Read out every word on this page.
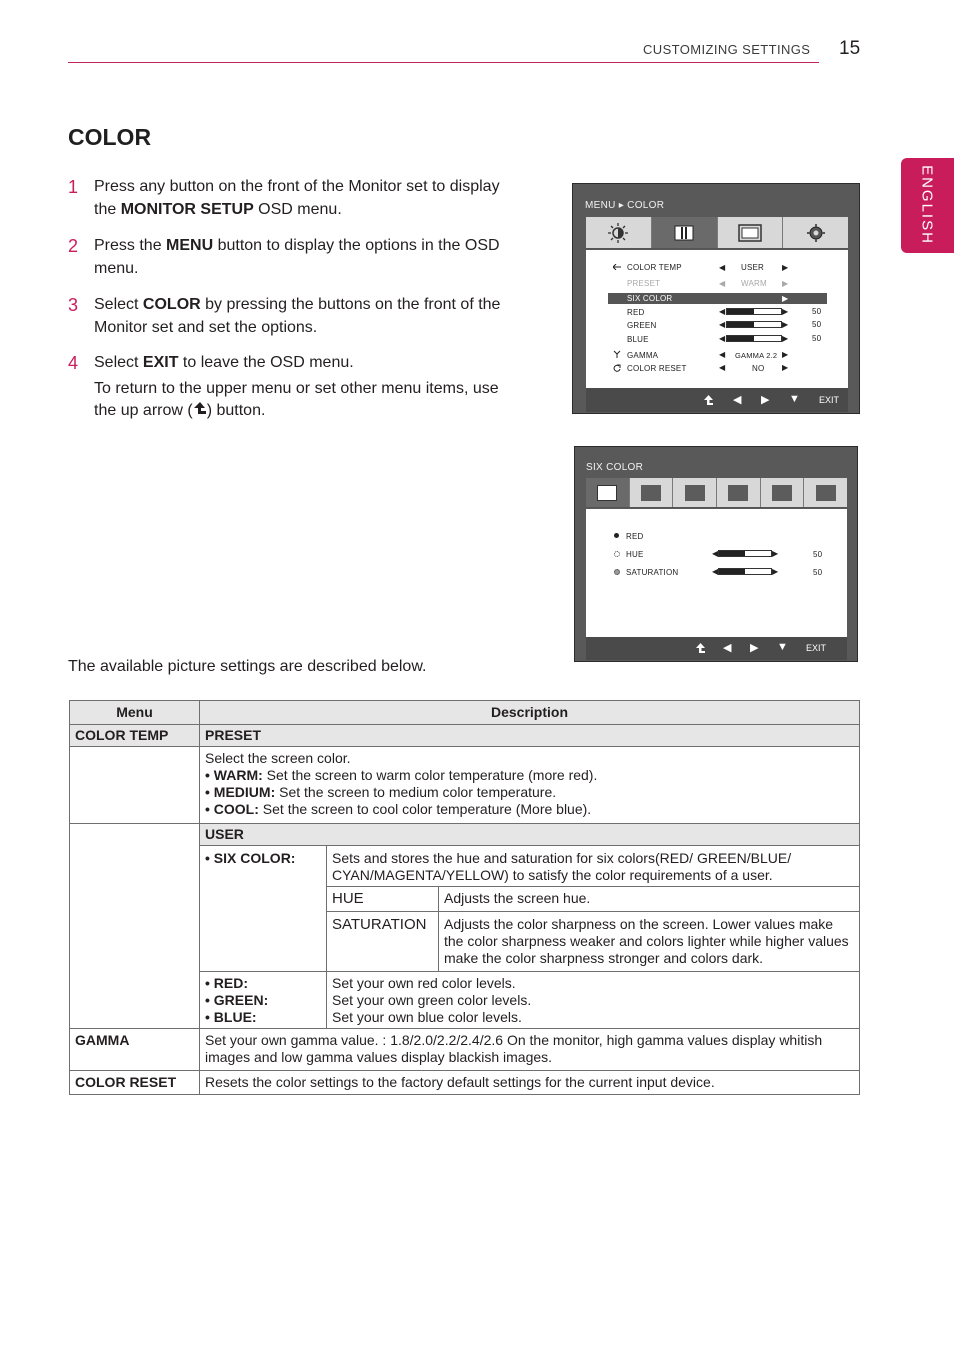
CUSTOMIZING SETTINGS 15
ENGLISH
COLOR
1 Press any button on the front of the Monitor set to display the MONITOR SETUP OSD menu.
2 Press the MENU button to display the options in the OSD menu.
3 Select COLOR by pressing the buttons on the front of the Monitor set and set the options.
4 Select EXIT to leave the OSD menu.
To return to the upper menu or set other menu items, use the up arrow ( ) button.
MENU ▸ COLOR
COLOR TEMP
PRESET
SIX COLOR
RED
GREEN
BLUE
GAMMA
COLOR RESET
◀ USER ▶
◀ WARM ▶
▶
◀	▶	50
◀	▶	50
◀	▶	50
◀ GAMMA 2.2 ▶
◀	NO ▶
◀ ▶ ▼ EXIT
SIX COLOR
RED
HUE
SATURATION
◀	▶	50
◀	▶	50
◀ ▶ ▼ EXIT
The available picture settings are described below.
Menu	Description		
COLOR TEMP	PRESET		

	Select the screen color.
• WARM: Set the screen to warm color temperature (more red).
• MEDIUM: Set the screen to medium color temperature.
• COOL: Set the screen to cool color temperature (More blue).		

	USER		
	• SIX COLOR:	Sets and stores the hue and saturation for six colors(RED/ GREEN/BLUE/ CYAN/MAGENTA/YELLOW) to satisfy the color requirements of a user.	
		HUE	Adjusts the screen hue.
		SATURATION	Adjusts the color sharpness on the screen. Lower values make the color sharpness weaker and colors lighter while higher values make the color sharpness stronger and colors dark.

	• RED:
• GREEN:
• BLUE:	Set your own red color levels.
Set your own green color levels.
Set your own blue color levels.	

GAMMA	Set your own gamma value. : 1.8/2.0/2.2/2.4/2.6 On the monitor, high gamma values display whitish images and low gamma values display blackish images.		
COLOR RESET	Resets the color settings to the factory default settings for the current input device.		
